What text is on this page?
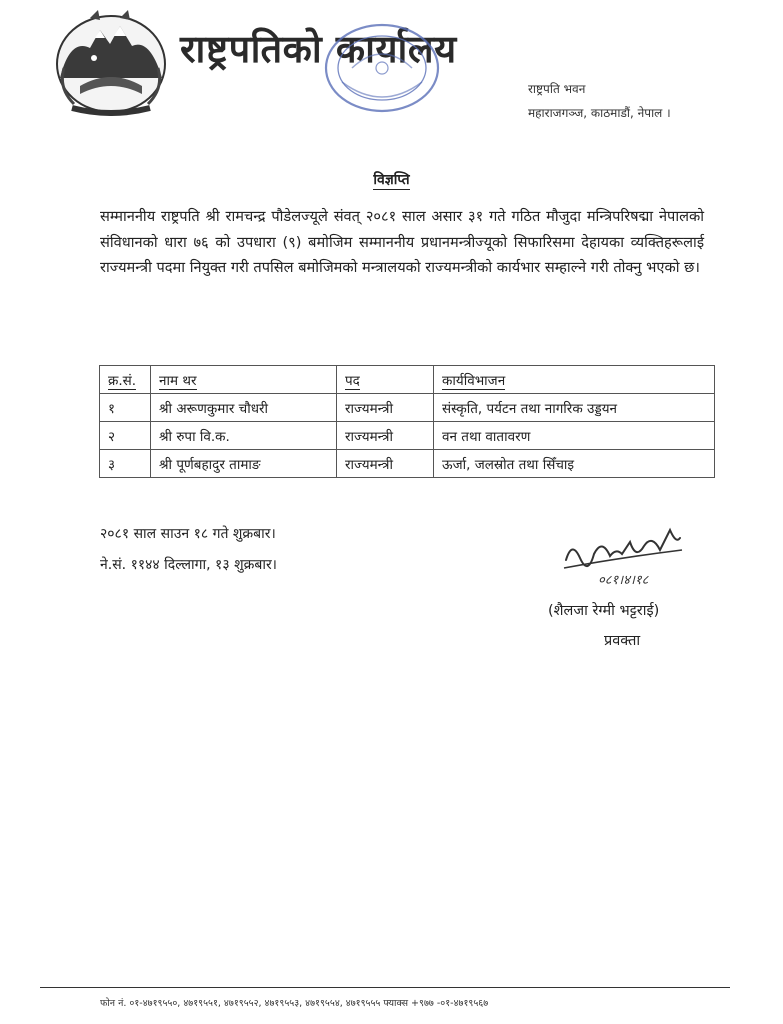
राष्ट्रपतिको कार्यालय
राष्ट्रपति भवन
महाराजगञ्ज, काठमाडौं, नेपाल ।
विज्ञप्ति
सम्माननीय राष्ट्रपति श्री रामचन्द्र पौडेलज्यूले संवत् २०८१ साल असार ३१ गते गठित मौजुदा मन्त्रिपरिषद्मा नेपालको संविधानको धारा ७६ को उपधारा (९) बमोजिम सम्माननीय प्रधानमन्त्रीज्यूको सिफारिसमा देहायका व्यक्तिहरूलाई राज्यमन्त्री पदमा नियुक्त गरी तपसिल बमोजिमको मन्त्रालयको राज्यमन्त्रीको कार्यभार सम्हाल्ने गरी तोक्नु भएको छ।
क्र.सं.	नाम थर	पद	कार्यविभाजन
१	श्री अरूणकुमार चौधरी	राज्यमन्त्री	संस्कृति, पर्यटन तथा नागरिक उड्डयन
२	श्री रुपा वि.क.	राज्यमन्त्री	वन तथा वातावरण
३	श्री पूर्णबहादुर तामाङ	राज्यमन्त्री	ऊर्जा, जलस्रोत तथा सिँचाइ
२०८१ साल साउन १८ गते शुक्रबार।
ने.सं. ११४४ दिल्लागा, १३ शुक्रबार।
०८१।४।१८
(शैलजा रेग्मी भट्टराई)
प्रवक्ता
फोन नं. ०१-४७१९५५०, ४७१९५५१, ४७१९५५२, ४७१९५५३, ४७१९५५४, ४७१९५५५ फ्याक्स +९७७ -०१-४७१९५६७
